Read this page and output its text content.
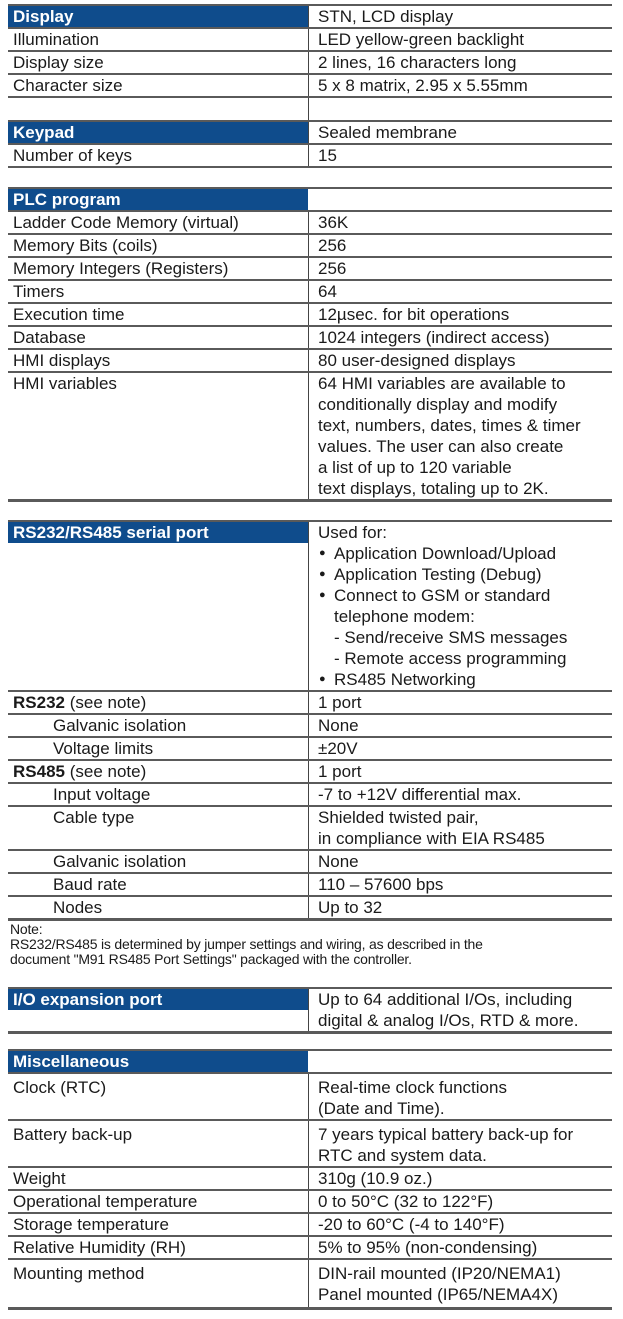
Display	STN, LCD display
Illumination	LED yellow-green backlight
Display size	2 lines, 16 characters long
Character size	5 x 8 matrix, 2.95 x 5.55mm
Keypad	Sealed membrane
Number of keys	15
PLC program
Ladder Code Memory (virtual)	36K
Memory Bits (coils)	256
Memory Integers (Registers)	256
Timers	64
Execution time	12µsec. for bit operations
Database	1024 integers (indirect access)
HMI displays	80 user-designed displays
HMI variables	64 HMI variables are available to
conditionally display and modify
text, numbers, dates, times & timer
values. The user can also create
a list of up to 120 variable
text displays, totaling up to 2K.
RS232/RS485 serial port	Used for:
● Application Download/Upload
● Application Testing (Debug)
● Connect to GSM or standard
telephone modem:
- Send/receive SMS messages
- Remote access programming
● RS485 Networking
RS232 (see note)	1 port
Galvanic isolation	None
Voltage limits	±20V
RS485 (see note)	1 port
Input voltage	-7 to +12V differential max.
Cable type	Shielded twisted pair,
in compliance with EIA RS485
Galvanic isolation	None
Baud rate	110 – 57600 bps
Nodes	Up to 32
Note:
RS232/RS485 is determined by jumper settings and wiring, as described in the
document "M91 RS485 Port Settings" packaged with the controller.
I/O expansion port	Up to 64 additional I/Os, including
digital & analog I/Os, RTD & more.
Miscellaneous
Clock (RTC)	Real-time clock functions
(Date and Time).
Battery back-up	7 years typical battery back-up for
RTC and system data.
Weight	310g (10.9 oz.)
Operational temperature	0 to 50°C (32 to 122°F)
Storage temperature	-20 to 60°C (-4 to 140°F)
Relative Humidity (RH)	5% to 95% (non-condensing)
Mounting method	DIN-rail mounted (IP20/NEMA1)
Panel mounted (IP65/NEMA4X)
